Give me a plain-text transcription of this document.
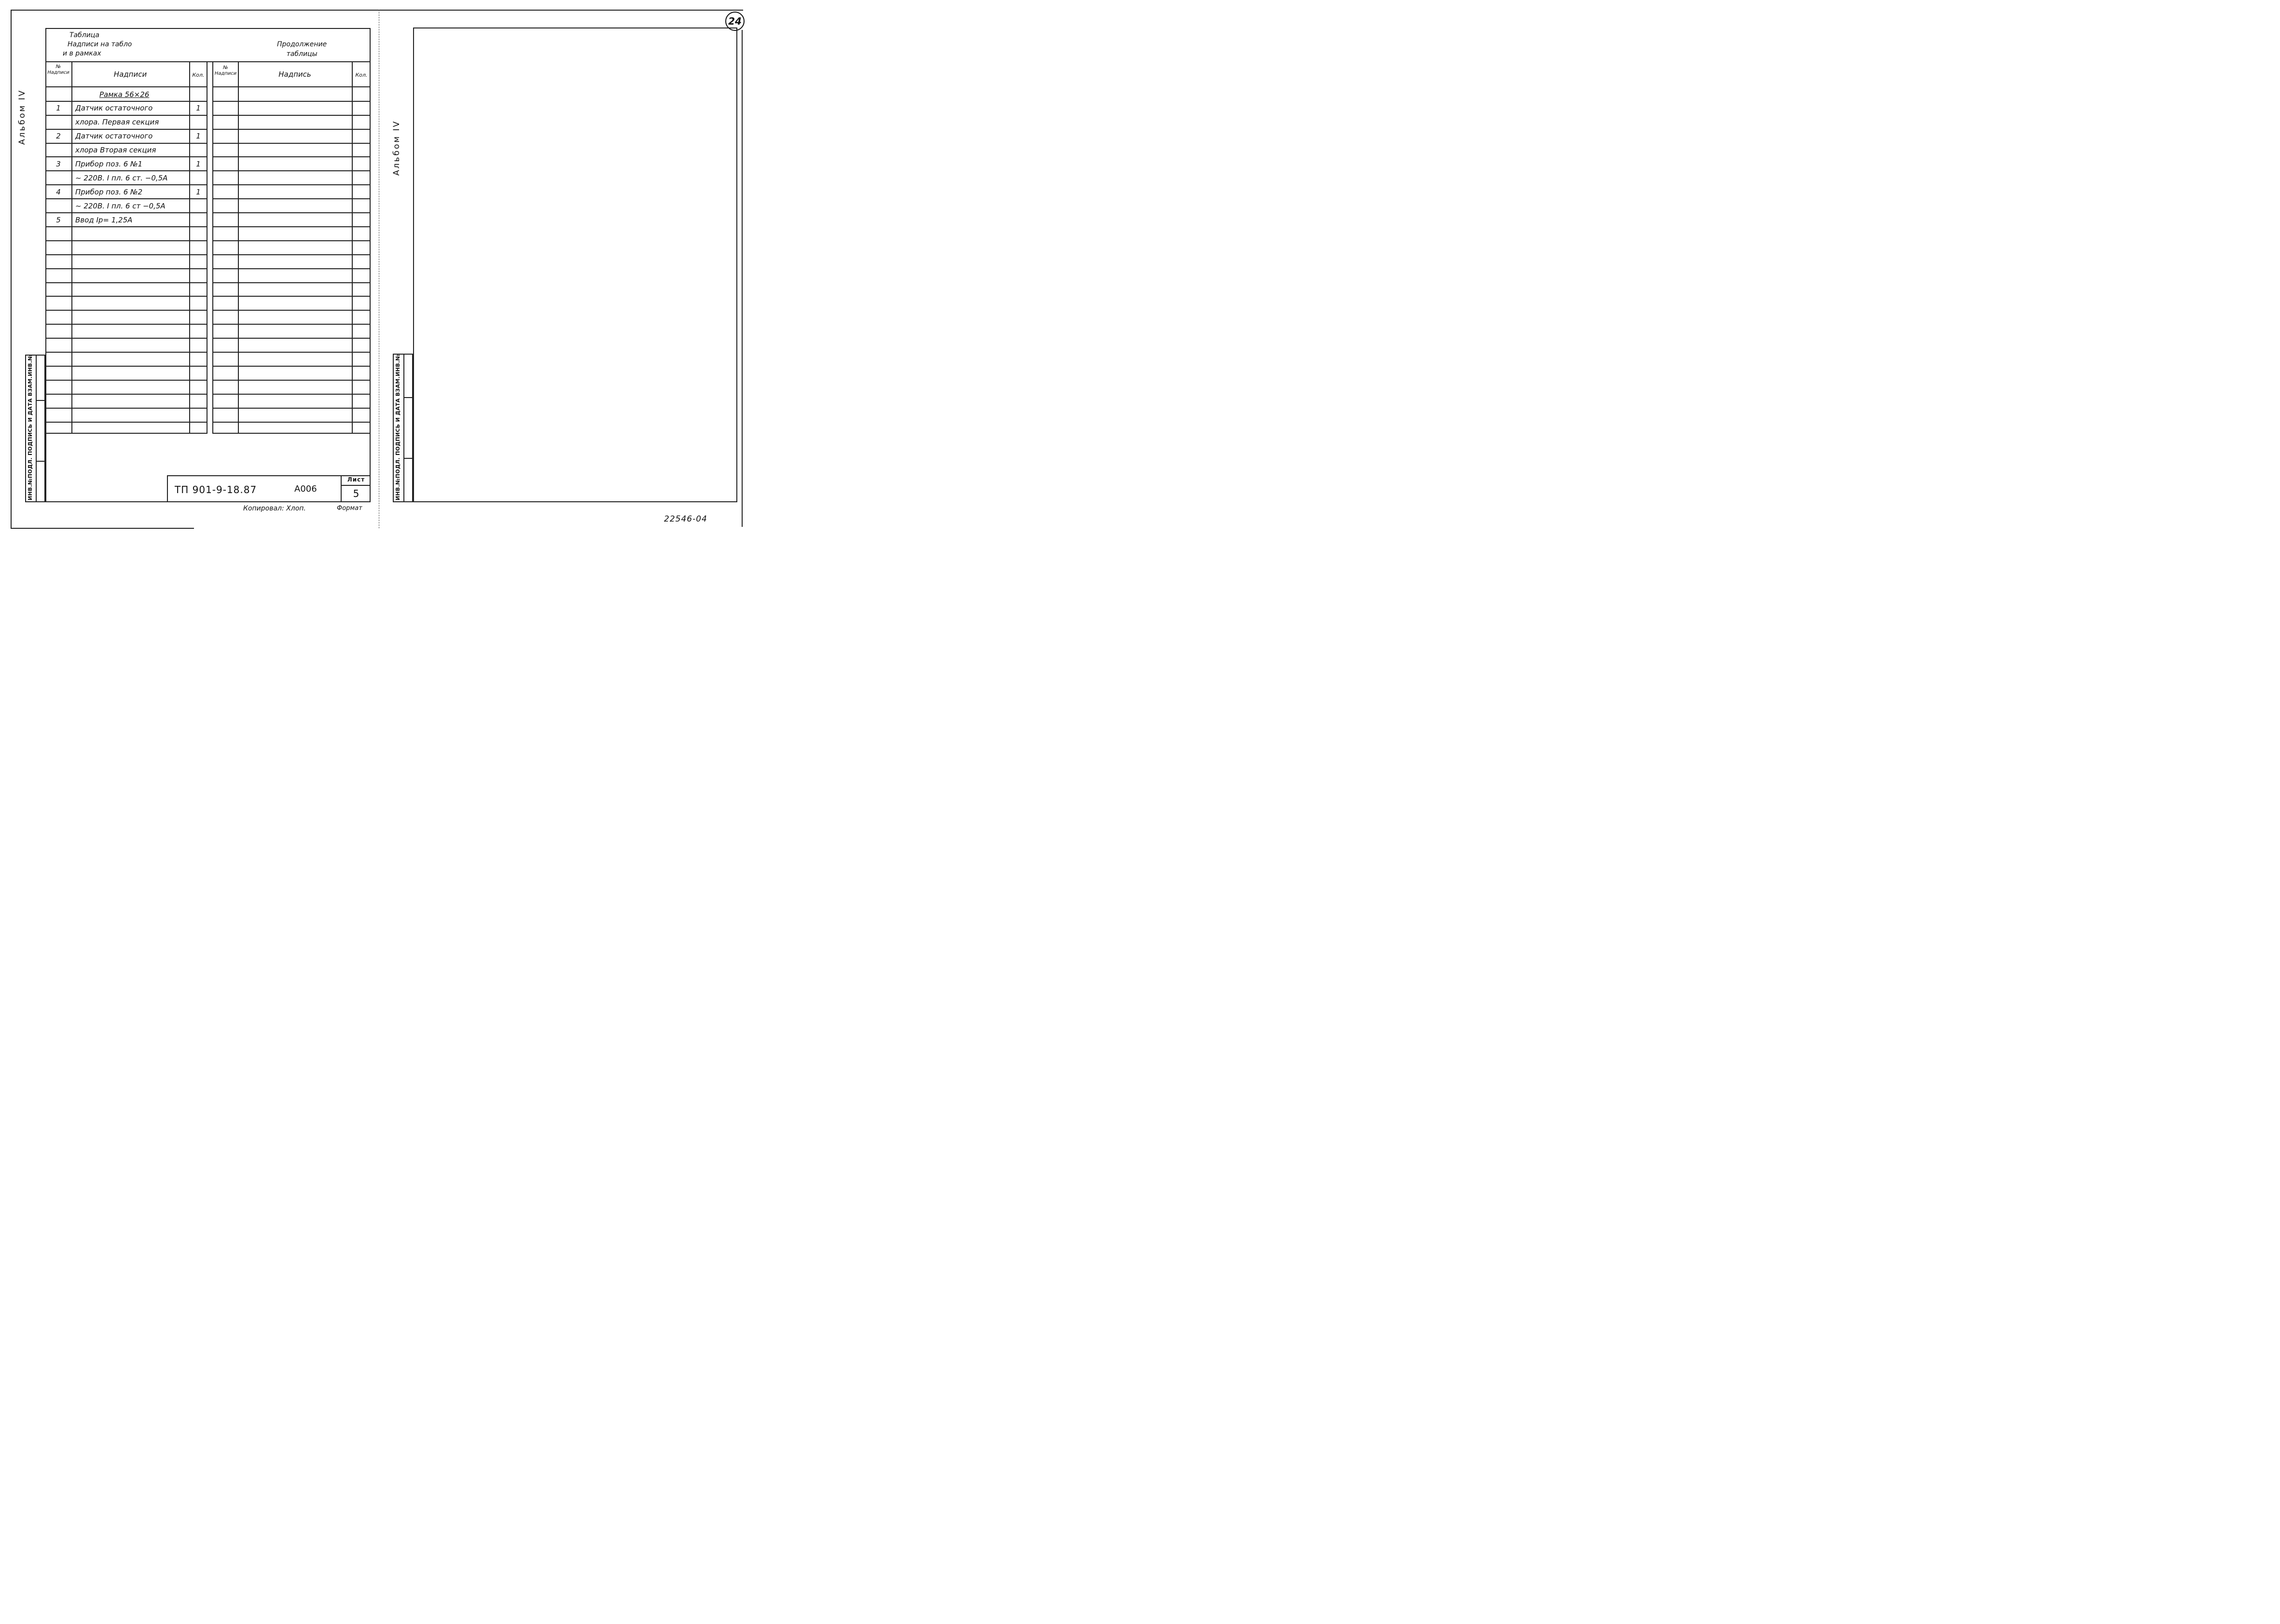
24
Альбом IV
Таблица
Надписи на табло
и в рамках
Продолжение
таблицы
№ Надписи	Надписи	Кол.
Рамка 56×26
1	Датчик остаточного	1
хлора. Первая секция
2	Датчик остаточного	1
хлора Вторая секция
3	Прибор поз. 6 №1	1
~ 220В. I пл. 6 ст. −0,5А
4	Прибор поз. 6 №2	1
~ 220В. I пл. 6 ст −0,5А
5	Ввод Iр= 1,25А
№ Надписи	Надпись	Кол.
ИНВ.№ПОДЛ. ПОДПИСЬ И ДАТА ВЗАМ.ИНВ.№	ТП 901-9-18.87	А006
Лист
5
Копировал: Хлоп.	Формат
Альбом IV
ИНВ.№ПОДЛ. ПОДПИСЬ И ДАТА ВЗАМ.ИНВ.№
22546-04
